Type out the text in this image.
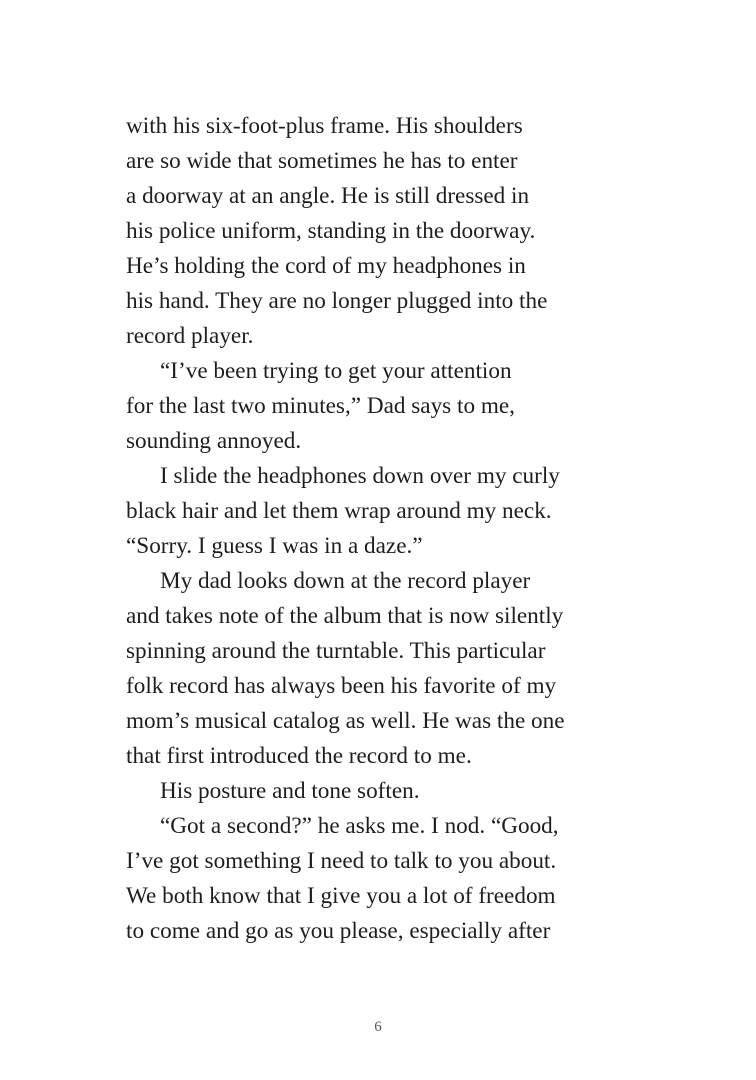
with his six-foot-plus frame. His shoulders
are so wide that sometimes he has to enter
a doorway at an angle. He is still dressed in
his police uniform, standing in the doorway.
He’s holding the cord of my headphones in
his hand. They are no longer plugged into the
record player.
“I’ve been trying to get your attention
for the last two minutes,” Dad says to me,
sounding annoyed.
I slide the headphones down over my curly
black hair and let them wrap around my neck.
“Sorry. I guess I was in a daze.”
My dad looks down at the record player
and takes note of the album that is now silently
spinning around the turntable. This particular
folk record has always been his favorite of my
mom’s musical catalog as well. He was the one
that first introduced the record to me.
His posture and tone soften.
“Got a second?” he asks me. I nod. “Good,
I’ve got something I need to talk to you about.
We both know that I give you a lot of freedom
to come and go as you please, especially after
6
